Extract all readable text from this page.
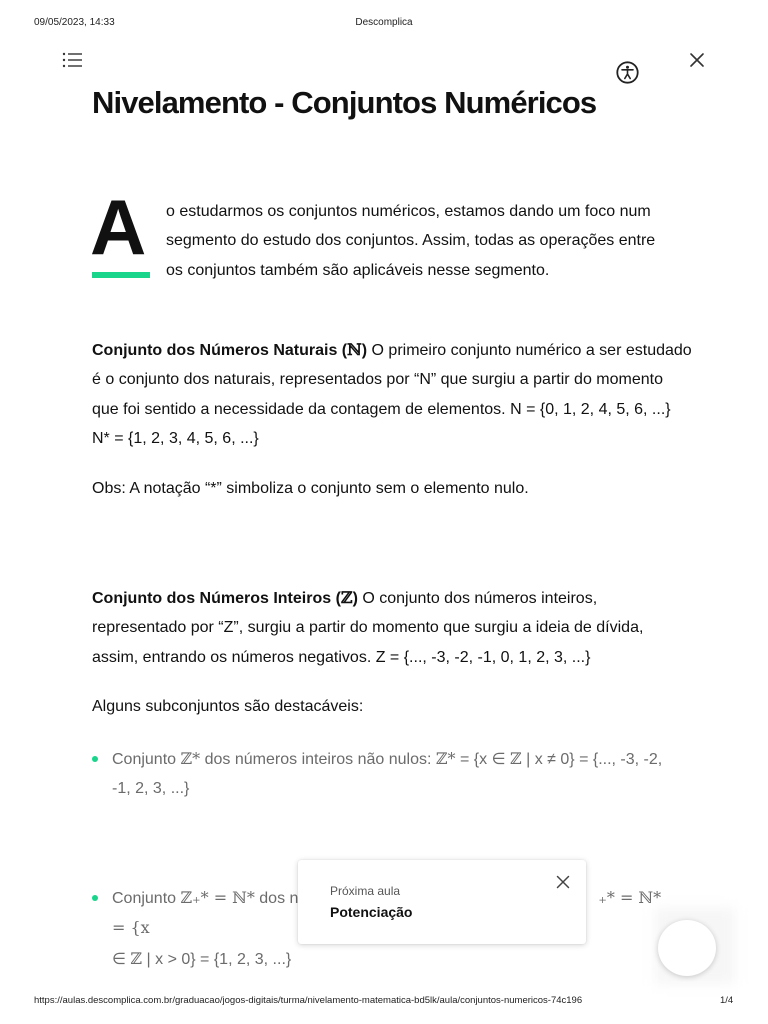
09/05/2023, 14:33	Descomplica
Nivelamento - Conjuntos Numéricos
A	o estudarmos os conjuntos numéricos, estamos dando um foco num segmento do estudo dos conjuntos. Assim, todas as operações entre os conjuntos também são aplicáveis nesse segmento.

Conjunto dos Números Naturais (ℕ) O primeiro conjunto numérico a ser estudado é o conjunto dos naturais, representados por “N” que surgiu a partir do momento que foi sentido a necessidade da contagem de elementos. N = {0, 1, 2, 4, 5, 6, ...} N* = {1, 2, 3, 4, 5, 6, ...}

Obs: A notação “*” simboliza o conjunto sem o elemento nulo.

Conjunto dos Números Inteiros (ℤ) O conjunto dos números inteiros, representado por “Z”, surgiu a partir do momento que surgiu a ideia de dívida, assim, entrando os números negativos. Z = {..., -3, -2, -1, 0, 1, 2, 3, ...}

Alguns subconjuntos são destacáveis:

Conjunto ℤ* dos números inteiros não nulos: ℤ* = {x ∈ ℤ | x ≠ 0} = {..., -3, -2, -1, 2, 3, ...}
Conjunto ℤ₊* = ℕ* dos n	₊* = ℕ* = {x
∈ ℤ | x > 0} = {1, 2, 3, ...}
Próxima aula
Potenciação
https://aulas.descomplica.com.br/graduacao/jogos-digitais/turma/nivelamento-matematica-bd5lk/aula/conjuntos-numericos-74c196	1/4
